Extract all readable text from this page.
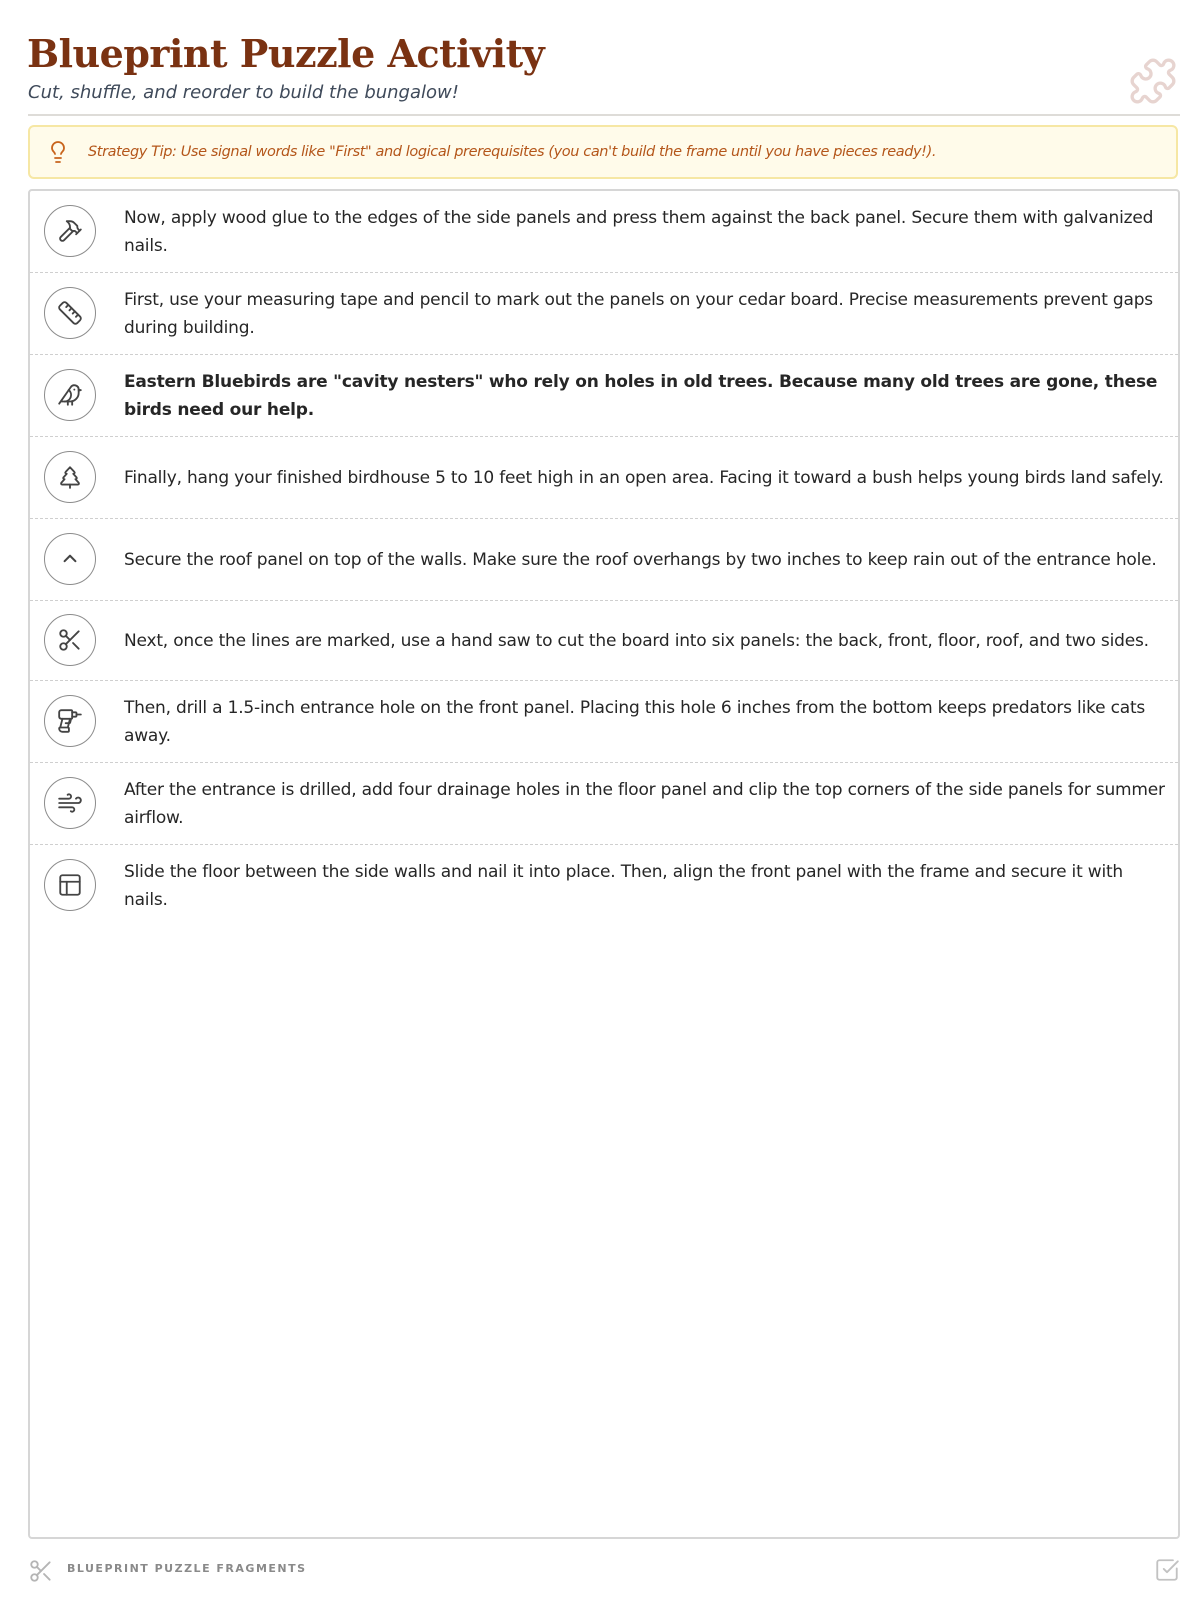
Blueprint Puzzle Activity
Cut, shuffle, and reorder to build the bungalow!
Strategy Tip: Use signal words like "First" and logical prerequisites (you can't build the frame until you have pieces ready!).
Now, apply wood glue to the edges of the side panels and press them against the back panel. Secure them with galvanized nails.
First, use your measuring tape and pencil to mark out the panels on your cedar board. Precise measurements prevent gaps during building.
Eastern Bluebirds are "cavity nesters" who rely on holes in old trees. Because many old trees are gone, these birds need our help.
Finally, hang your finished birdhouse 5 to 10 feet high in an open area. Facing it toward a bush helps young birds land safely.
Secure the roof panel on top of the walls. Make sure the roof overhangs by two inches to keep rain out of the entrance hole.
Next, once the lines are marked, use a hand saw to cut the board into six panels: the back, front, floor, roof, and two sides.
Then, drill a 1.5-inch entrance hole on the front panel. Placing this hole 6 inches from the bottom keeps predators like cats away.
After the entrance is drilled, add four drainage holes in the floor panel and clip the top corners of the side panels for summer airflow.
Slide the floor between the side walls and nail it into place. Then, align the front panel with the frame and secure it with nails.
BLUEPRINT PUZZLE FRAGMENTS
